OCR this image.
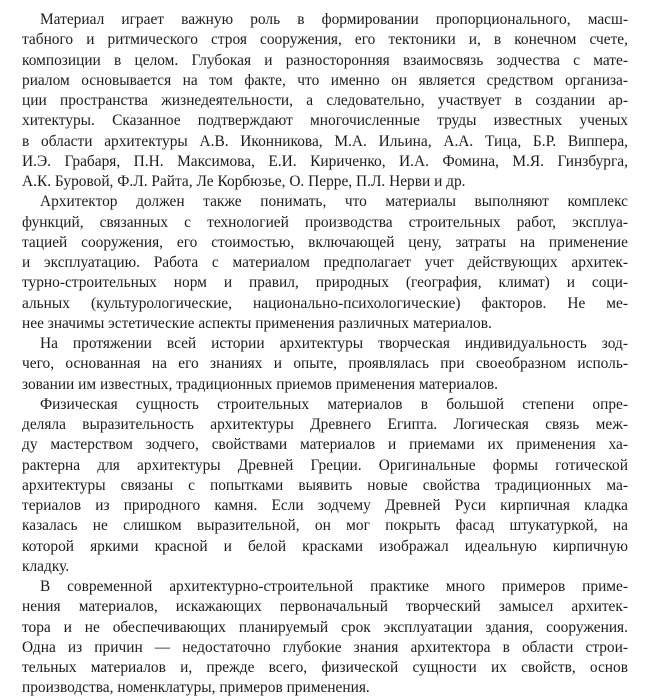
Материал играет важную роль в формировании пропорционального, масш-
табного и ритмического строя сооружения, его тектоники и, в конечном счете,
композиции в целом. Глубокая и разносторонняя взаимосвязь зодчества с мате-
риалом основывается на том факте, что именно он является средством организа-
ции пространства жизнедеятельности, а следовательно, участвует в создании ар-
хитектуры. Сказанное подтверждают многочисленные труды известных ученых
в области архитектуры А.В. Иконникова, М.А. Ильина, А.А. Тица, Б.Р. Виппера,
И.Э. Грабаря, П.Н. Максимова, Е.И. Кириченко, И.А. Фомина, М.Я. Гинзбурга,
А.К. Буровой, Ф.Л. Райта, Ле Корбюзье, О. Перре, П.Л. Нерви и др.
Архитектор должен также понимать, что материалы выполняют комплекс
функций, связанных с технологией производства строительных работ, эксплуа-
тацией сооружения, его стоимостью, включающей цену, затраты на применение
и эксплуатацию. Работа с материалом предполагает учет действующих архитек-
турно-строительных норм и правил, природных (география, климат) и соци-
альных (культурологические, национально-психологические) факторов. Не ме-
нее значимы эстетические аспекты применения различных материалов.
На протяжении всей истории архитектуры творческая индивидуальность зод-
чего, основанная на его знаниях и опыте, проявлялась при своеобразном исполь-
зовании им известных, традиционных приемов применения материалов.
Физическая сущность строительных материалов в большой степени опре-
деляла выразительность архитектуры Древнего Египта. Логическая связь меж-
ду мастерством зодчего, свойствами материалов и приемами их применения ха-
рактерна для архитектуры Древней Греции. Оригинальные формы готической
архитектуры связаны с попытками выявить новые свойства традиционных ма-
териалов из природного камня. Если зодчему Древней Руси кирпичная кладка
казалась не слишком выразительной, он мог покрыть фасад штукатуркой, на
которой яркими красной и белой красками изображал идеальную кирпичную
кладку.
В современной архитектурно-строительной практике много примеров приме-
нения материалов, искажающих первоначальный творческий замысел архитек-
тора и не обеспечивающих планируемый срок эксплуатации здания, сооружения.
Одна из причин — недостаточно глубокие знания архитектора в области строи-
тельных материалов и, прежде всего, физической сущности их свойств, основ
производства, номенклатуры, примеров применения.
